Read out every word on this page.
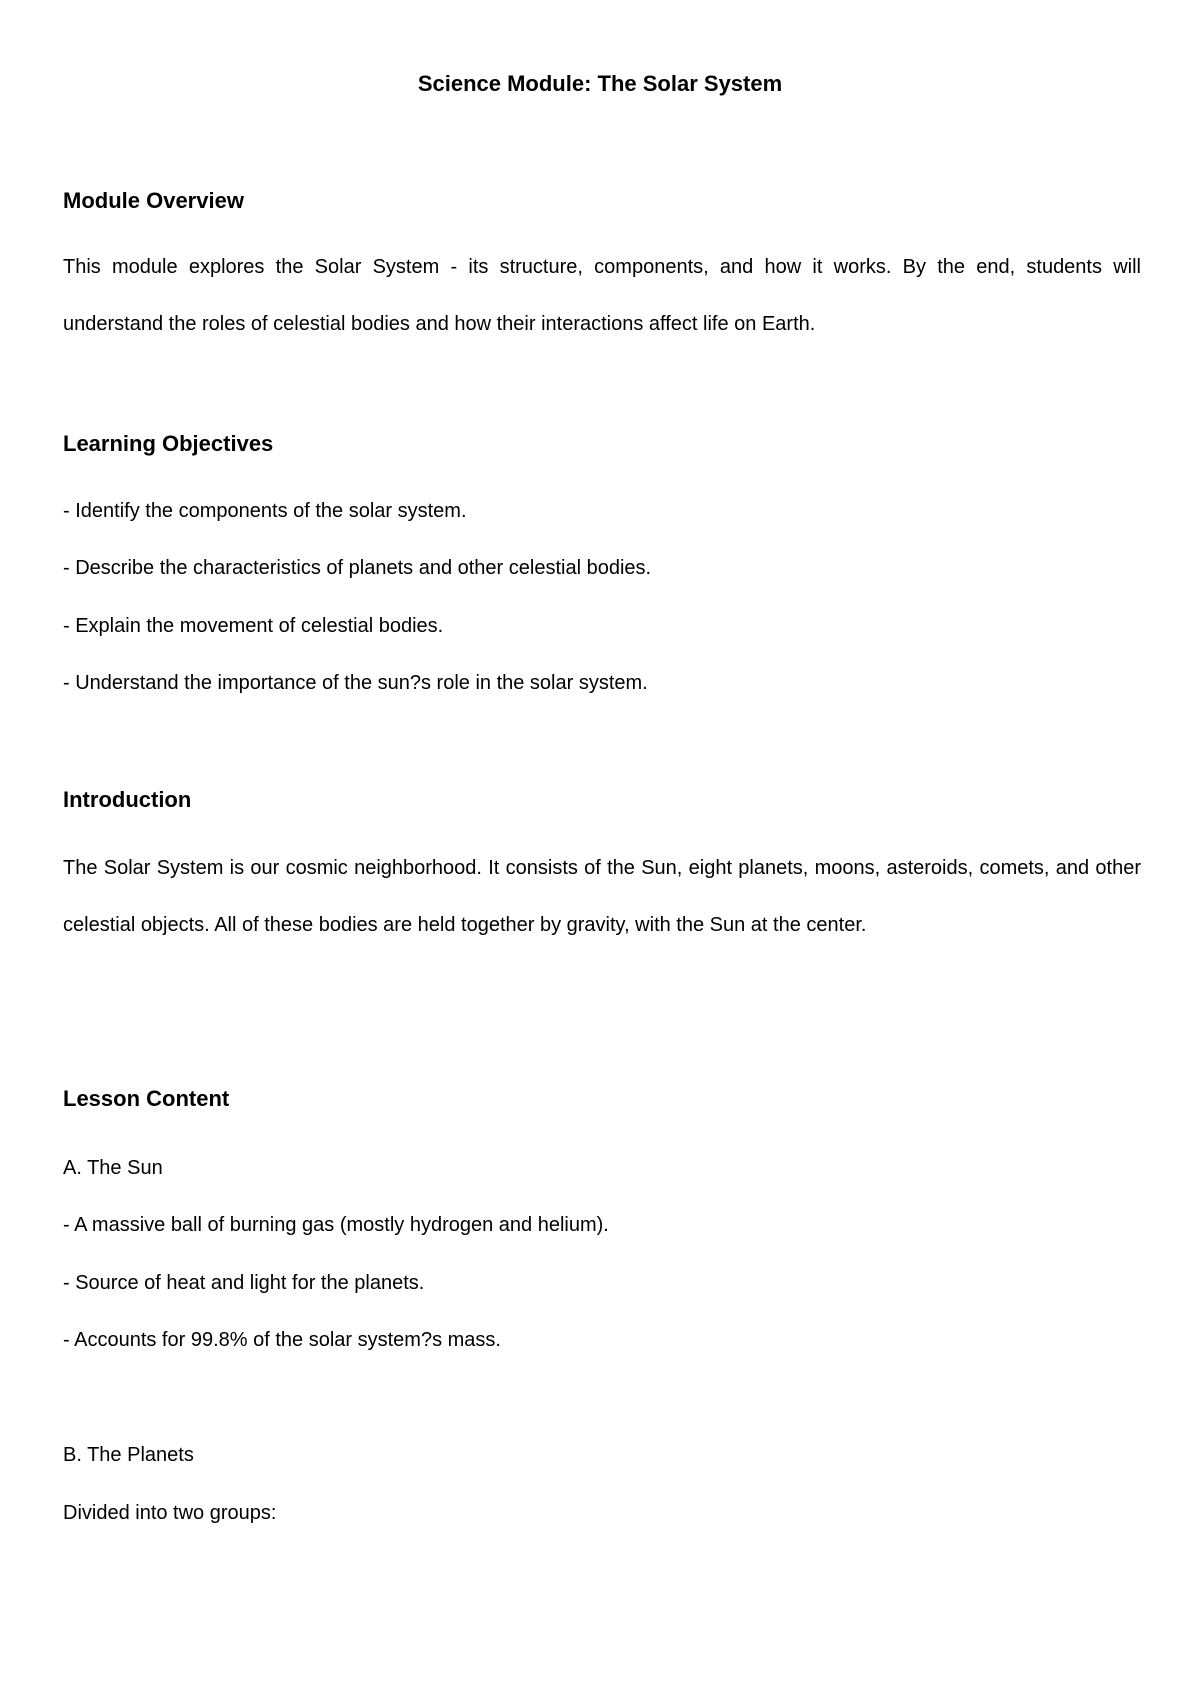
Science Module: The Solar System
Module Overview
This module explores the Solar System - its structure, components, and how it works. By the end, students will understand the roles of celestial bodies and how their interactions affect life on Earth.
Learning Objectives
- Identify the components of the solar system.
- Describe the characteristics of planets and other celestial bodies.
- Explain the movement of celestial bodies.
- Understand the importance of the sun?s role in the solar system.
Introduction
The Solar System is our cosmic neighborhood. It consists of the Sun, eight planets, moons, asteroids, comets, and other celestial objects. All of these bodies are held together by gravity, with the Sun at the center.
Lesson Content
A. The Sun
- A massive ball of burning gas (mostly hydrogen and helium).
- Source of heat and light for the planets.
- Accounts for 99.8% of the solar system?s mass.
B. The Planets
Divided into two groups:
